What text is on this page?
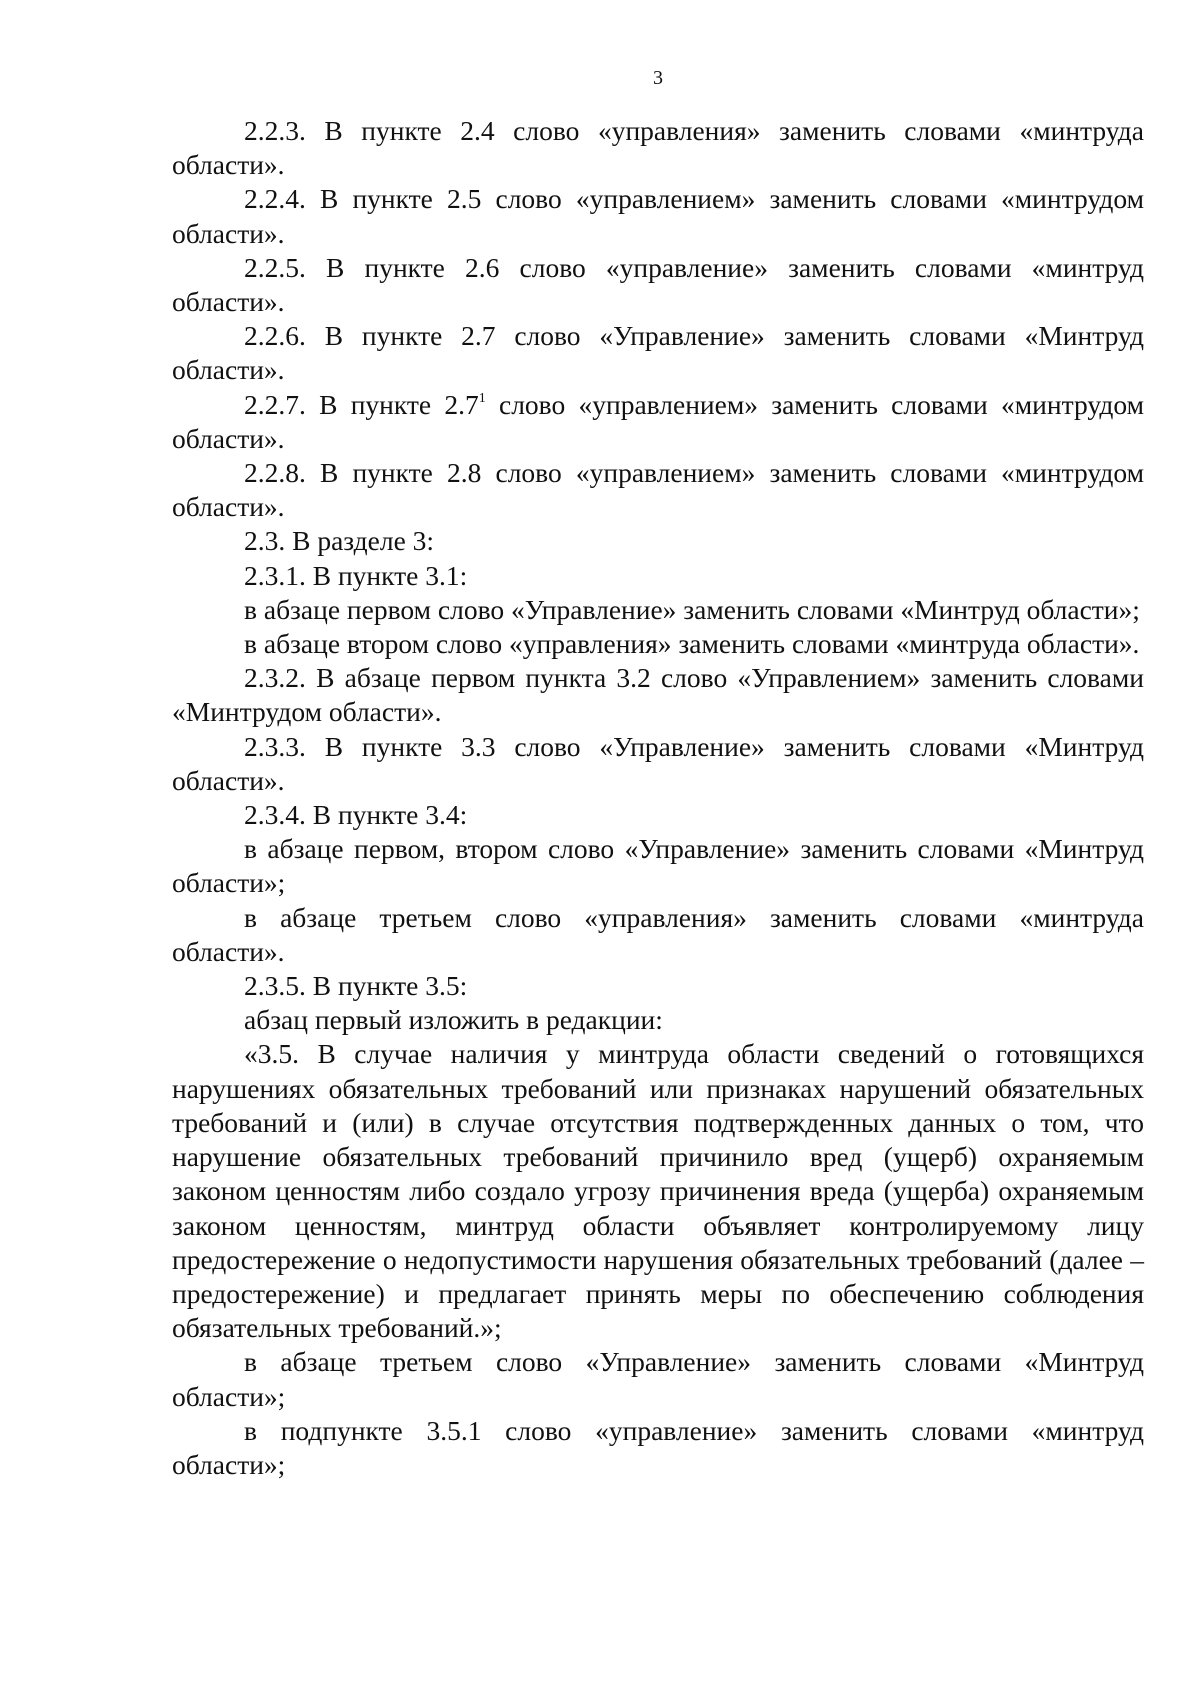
3

2.2.3. В пункте 2.4 слово «управления» заменить словами «минтруда области».

2.2.4. В пункте 2.5 слово «управлением» заменить словами «минтрудом области».

2.2.5. В пункте 2.6 слово «управление» заменить словами «минтруд области».

2.2.6. В пункте 2.7 слово «Управление» заменить словами «Минтруд области».

2.2.7. В пункте $2.7^1$ слово «управлением» заменить словами «минтрудом области».

2.2.8. В пункте 2.8 слово «управлением» заменить словами «минтрудом области».

2.3. В разделе 3:

2.3.1. В пункте 3.1:

в абзаце первом слово «Управление» заменить словами «Минтруд области»;

в абзаце втором слово «управления» заменить словами «минтруда области».

2.3.2. В абзаце первом пункта 3.2 слово «Управлением» заменить словами «Минтрудом области».

2.3.3. В пункте 3.3 слово «Управление» заменить словами «Минтруд области».

2.3.4. В пункте 3.4:

в абзаце первом, втором слово «Управление» заменить словами «Минтруд области»;

в абзаце третьем слово «управления» заменить словами «минтруда области».

2.3.5. В пункте 3.5:

абзац первый изложить в редакции:

«3.5. В случае наличия у минтруда области сведений о готовящихся нарушениях обязательных требований или признаках нарушений обязательных требований и (или) в случае отсутствия подтвержденных данных о том, что нарушение обязательных требований причинило вред (ущерб) охраняемым законом ценностям либо создало угрозу причинения вреда (ущерба) охраняемым законом ценностям, минтруд области объявляет контролируемому лицу предостережение о недопустимости нарушения обязательных требований (далее – предостережение) и предлагает принять меры по обеспечению соблюдения обязательных требований.»;

в абзаце третьем слово «Управление» заменить словами «Минтруд области»;

в подпункте 3.5.1 слово «управление» заменить словами «минтруд области»;
